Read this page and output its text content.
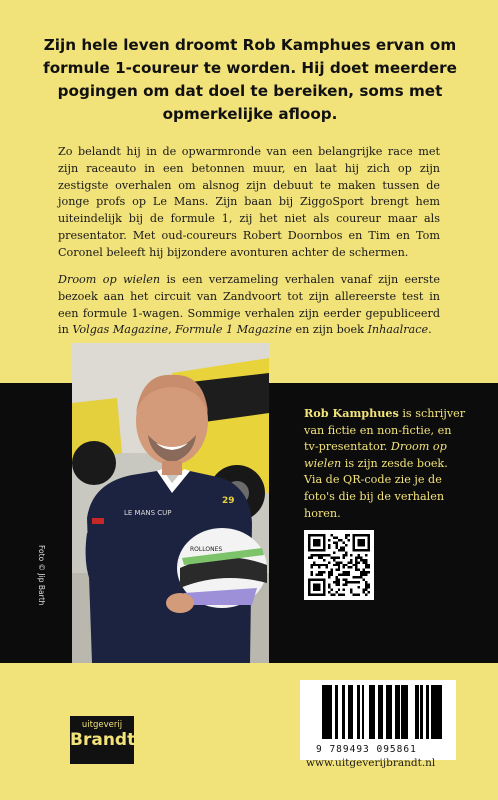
Zijn hele leven droomt Rob Kamphues ervan om formule 1-coureur te worden. Hij doet meerdere pogingen om dat doel te bereiken, soms met opmerkelijke afloop.

Zo belandt hij in de opwarmronde van een belangrijke race met zijn raceauto in een betonnen muur, en laat hij zich op zijn zestigste overhalen om alsnog zijn debuut te maken tussen de jonge profs op Le Mans. Zijn baan bij ZiggoSport brengt hem uiteindelijk bij de formule 1, zij het niet als coureur maar als presentator. Met oud-coureurs Robert Doornbos en Tim en Tom Coronel beleeft hij bijzondere avonturen achter de schermen.

Droom op wielen is een verzameling verhalen vanaf zijn eerste bezoek aan het circuit van Zandvoort tot zijn allereerste test in een formule 1-wagen. Sommige verhalen zijn eerder gepubliceerd in Volgas Magazine, Formule 1 Magazine en zijn boek Inhaalrace.

ROLLONES
LE MANS CUP
29
Foto © Jip Barth

Rob Kamphues is schrijver van fictie en non-fictie, en tv-presentator. Droom op wielen is zijn zesde boek. Via de QR-code zie je de foto's die bij de verhalen horen.

uitgeverij
Brandt	9 789493 095861
www.uitgeverijbrandt.nl
